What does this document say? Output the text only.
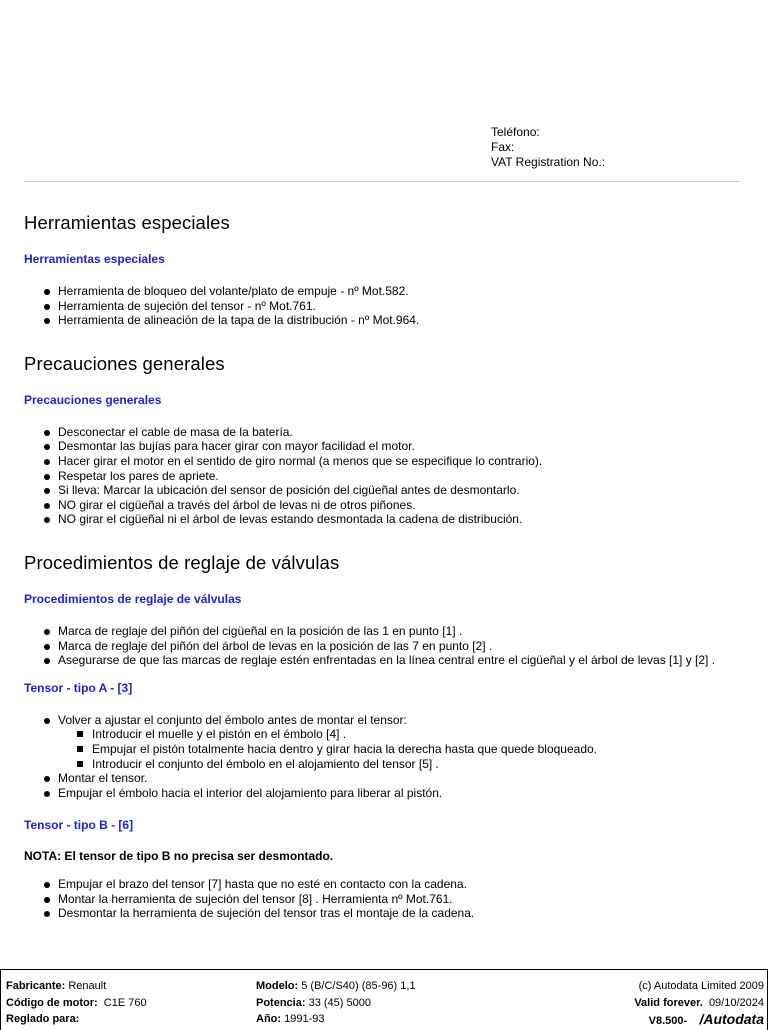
Teléfono:
Fax:
VAT Registration No.:
Herramientas especiales

Herramientas especiales

Herramienta de bloqueo del volante/plato de empuje - nº Mot.582.
Herramienta de sujeción del tensor - nº Mot.761.
Herramienta de alineación de la tapa de la distribución - nº Mot.964.
Precauciones generales

Precauciones generales

Desconectar el cable de masa de la batería.
Desmontar las bujías para hacer girar con mayor facilidad el motor.
Hacer girar el motor en el sentido de giro normal (a menos que se especifique lo contrario).
Respetar los pares de apriete.
Si lleva: Marcar la ubicación del sensor de posición del cigüeñal antes de desmontarlo.
NO girar el cigüeñal a través del árbol de levas ni de otros piñones.
NO girar el cigüeñal ni el árbol de levas estando desmontada la cadena de distribución.
Procedimientos de reglaje de válvulas

Procedimientos de reglaje de válvulas

Marca de reglaje del piñón del cigüeñal en la posición de las 1 en punto [1] .
Marca de reglaje del piñón del árbol de levas en la posición de las 7 en punto [2] .
Asegurarse de que las marcas de reglaje estén enfrentadas en la línea central entre el cigüeñal y el árbol de levas [1] y [2] .

Tensor - tipo A - [3]

Volver a ajustar el conjunto del émbolo antes de montar el tensor:
Introducir el muelle y el pistón en el émbolo [4] .
Empujar el pistón totalmente hacia dentro y girar hacia la derecha hasta que quede bloqueado.
Introducir el conjunto del émbolo en el alojamiento del tensor [5] .
Montar el tensor.
Empujar el émbolo hacia el interior del alojamiento para liberar al pistón.

Tensor - tipo B - [6]

NOTA: El tensor de tipo B no precisa ser desmontado.

Empujar el brazo del tensor [7] hasta que no esté en contacto con la cadena.
Montar la herramienta de sujeción del tensor [8] . Herramienta nº Mot.761.
Desmontar la herramienta de sujeción del tensor tras el montaje de la cadena.
Fabricante: Renault
Código de motor: C1E 760
Reglado para:
Modelo: 5 (B/C/S40) (85-96) 1,1
Potencia: 33 (45) 5000
Año: 1991-93
(c) Autodata Limited 2009
Valid forever. 09/10/2024
V8.500- /Autodata
